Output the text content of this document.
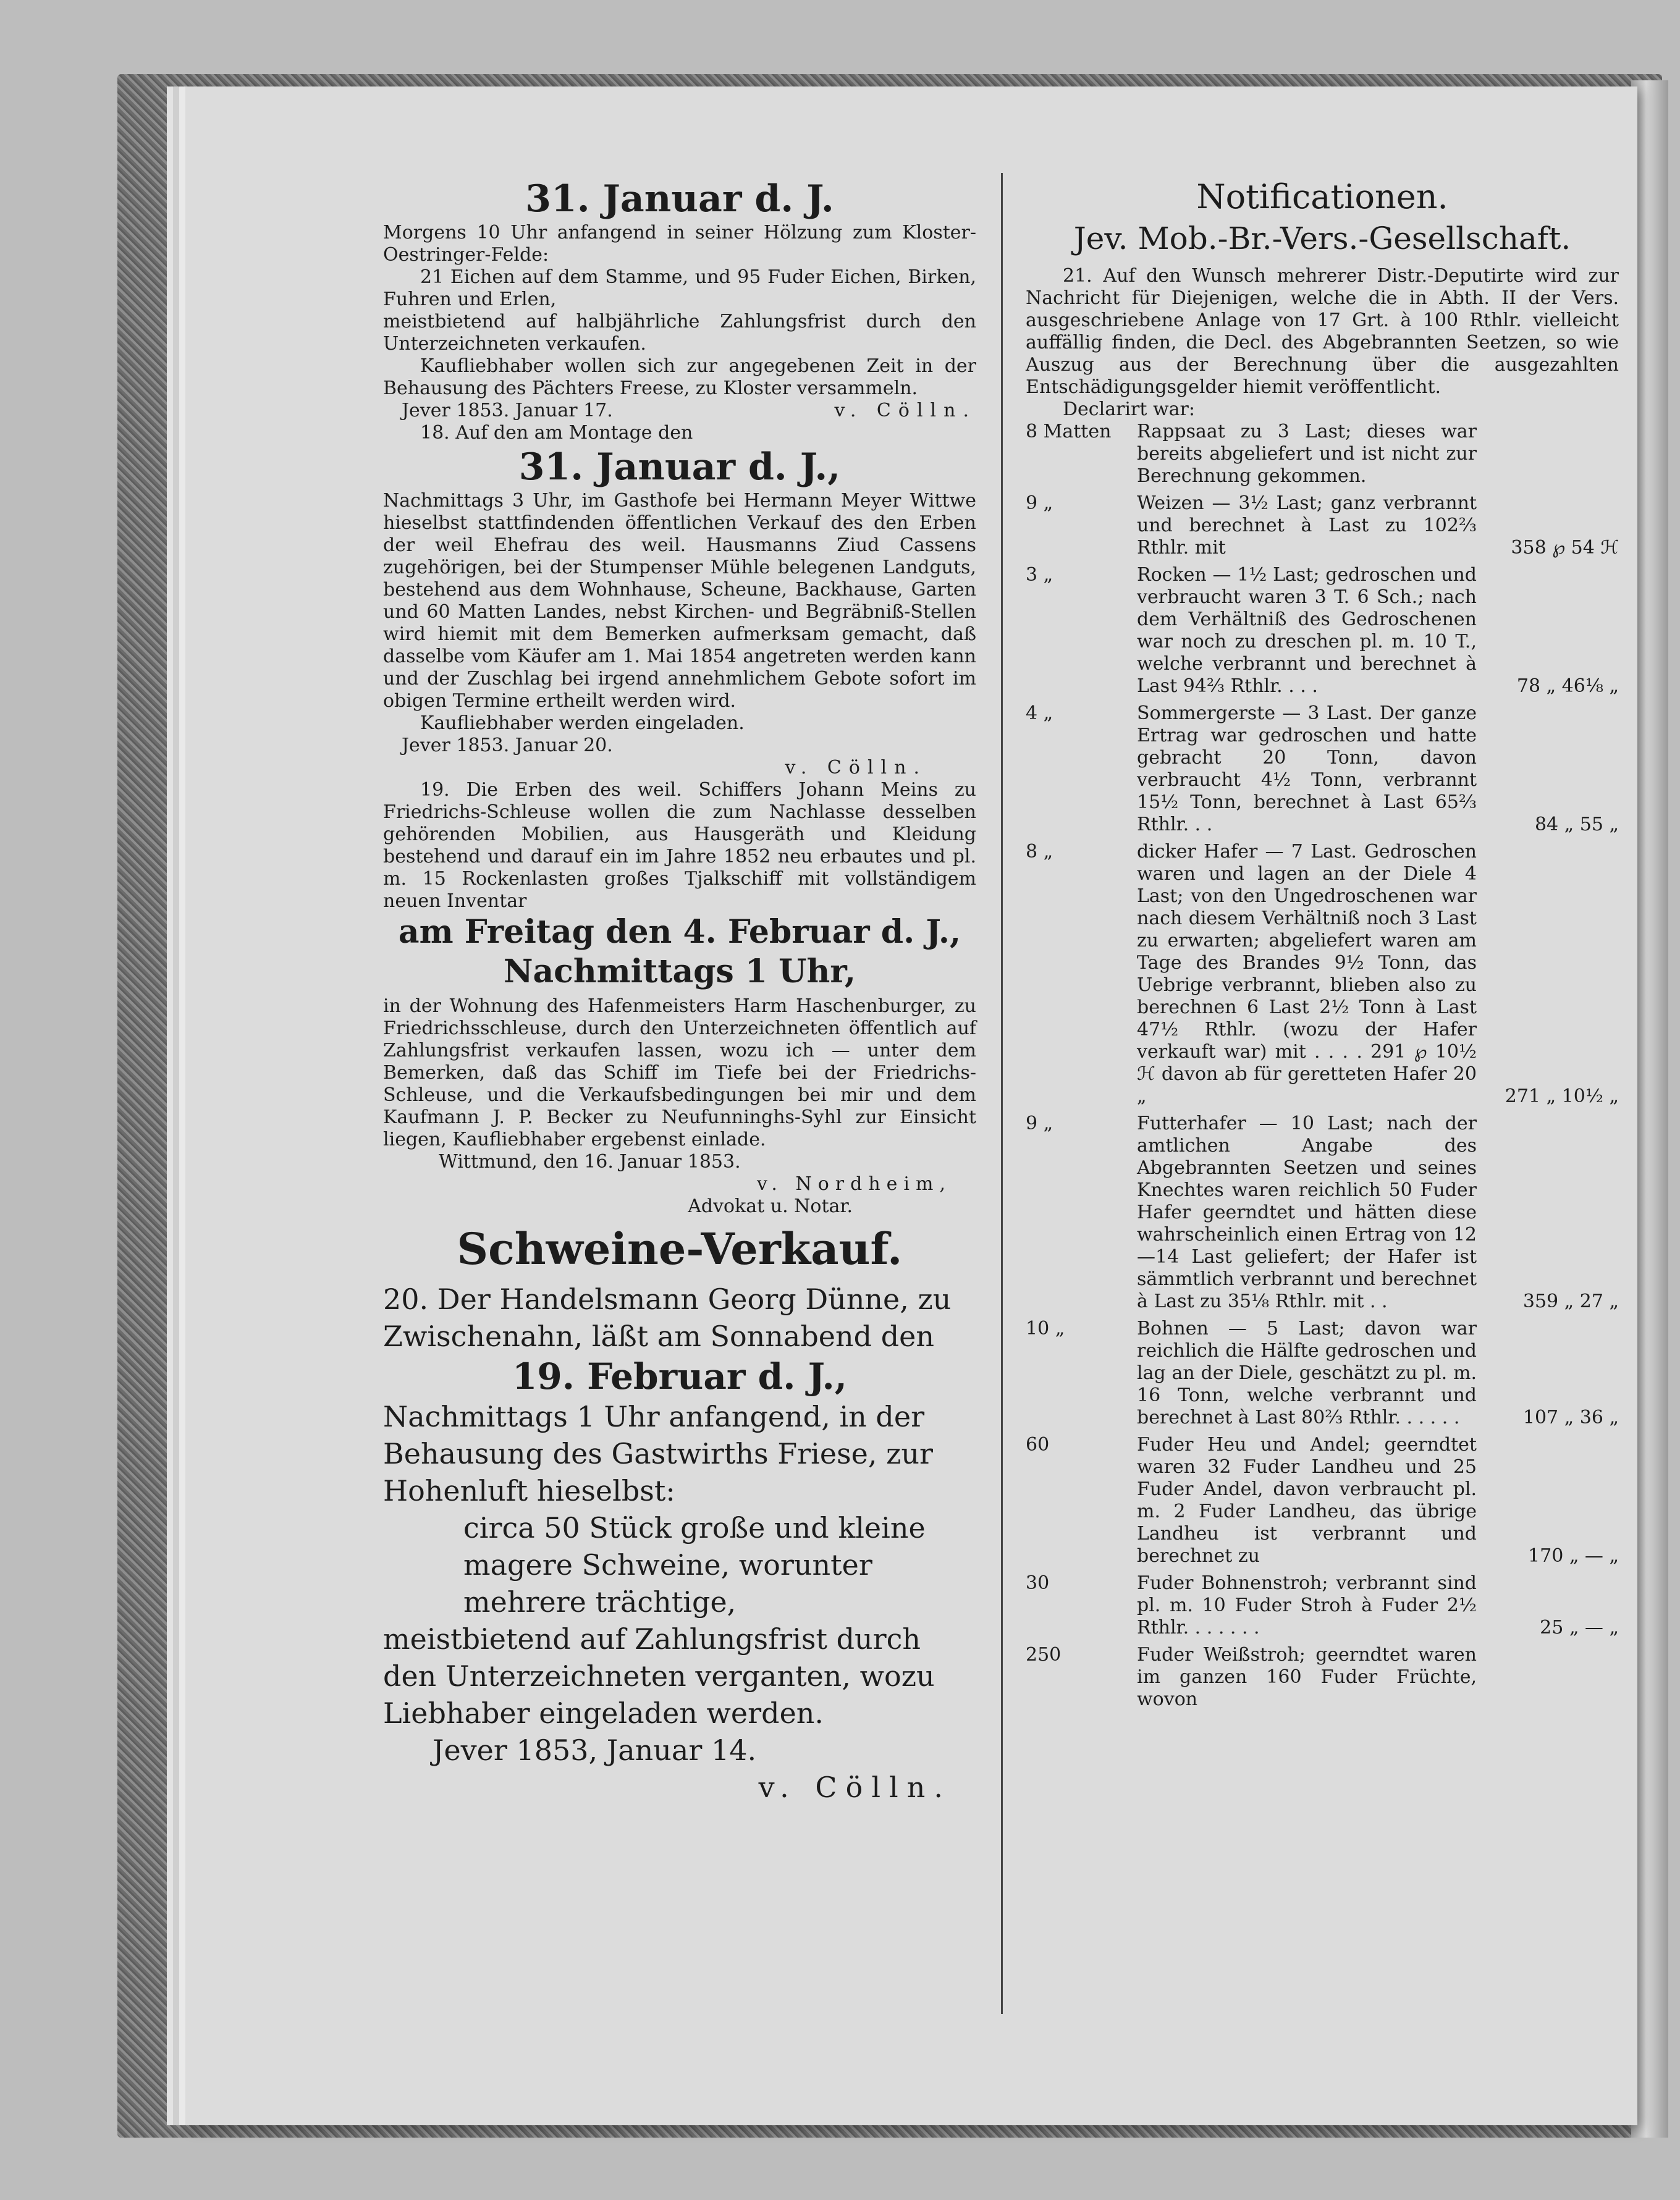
31. Januar d. J.

Morgens 10 Uhr anfangend in seiner Hölzung zum Kloster-Oestringer-Felde:

21 Eichen auf dem Stamme, und 95 Fuder Eichen, Birken, Fuhren und Erlen,

meistbietend auf halbjährliche Zahlungsfrist durch den Unterzeichneten verkaufen.

Kaufliebhaber wollen sich zur angegebenen Zeit in der Behausung des Pächters Freese, zu Kloster versammeln.

Jever 1853. Januar 17.	v. Cölln.

18. Auf den am Montage den

31. Januar d. J.,

Nachmittags 3 Uhr, im Gasthofe bei Hermann Meyer Wittwe hieselbst stattfindenden öffentlichen Verkauf des den Erben der weil Ehefrau des weil. Hausmanns Ziud Cassens zugehörigen, bei der Stumpenser Mühle belegenen Landguts, bestehend aus dem Wohnhause, Scheune, Backhause, Garten und 60 Matten Landes, nebst Kirchen- und Begräbniß-Stellen wird hiemit mit dem Bemerken aufmerksam gemacht, daß dasselbe vom Käufer am 1. Mai 1854 angetreten werden kann und der Zuschlag bei irgend annehmlichem Gebote sofort im obigen Termine ertheilt werden wird.

Kaufliebhaber werden eingeladen.

Jever 1853. Januar 20.

v. Cölln.

19. Die Erben des weil. Schiffers Johann Meins zu Friedrichs-Schleuse wollen die zum Nachlasse desselben gehörenden Mobilien, aus Hausgeräth und Kleidung bestehend und darauf ein im Jahre 1852 neu erbautes und pl. m. 15 Rockenlasten großes Tjalkschiff mit vollständigem neuen Inventar

am Freitag den 4. Februar d. J.,
Nachmittags 1 Uhr,

in der Wohnung des Hafenmeisters Harm Haschenburger, zu Friedrichsschleuse, durch den Unterzeichneten öffentlich auf Zahlungsfrist verkaufen lassen, wozu ich — unter dem Bemerken, daß das Schiff im Tiefe bei der Friedrichs-Schleuse, und die Verkaufsbedingungen bei mir und dem Kaufmann J. P. Becker zu Neufunninghs-Syhl zur Einsicht liegen, Kaufliebhaber ergebenst einlade.

Wittmund, den 16. Januar 1853.

v. Nordheim,

Advokat u. Notar.

Schweine-Verkauf.

20. Der Handelsmann Georg Dünne, zu Zwischenahn, läßt am Sonnabend den

19. Februar d. J.,

Nachmittags 1 Uhr anfangend, in der Behausung des Gastwirths Friese, zur Hohenluft hieselbst:

circa 50 Stück große und kleine magere Schweine, worunter mehrere trächtige,

meistbietend auf Zahlungsfrist durch den Unterzeichneten verganten, wozu Liebhaber eingeladen werden.

Jever 1853, Januar 14.

v. Cölln.

Notificationen.
Jev. Mob.-Br.-Vers.-Gesellschaft.

21. Auf den Wunsch mehrerer Distr.-Deputirte wird zur Nachricht für Diejenigen, welche die in Abth. II der Vers. ausgeschriebene Anlage von 17 Grt. à 100 Rthlr. vielleicht auffällig finden, die Decl. des Abgebrannten Seetzen, so wie Auszug aus der Berechnung über die ausgezahlten Entschädigungsgelder hiemit veröffentlicht.

Declarirt war:

8 Matten	Rappsaat zu 3 Last; dieses war bereits abgeliefert und ist nicht zur Berechnung gekommen.
9 „	Weizen — 3½ Last; ganz verbrannt und berechnet à Last zu 102⅔ Rthlr. mit	358 ℘ 54 ℋ
3 „	Rocken — 1½ Last; gedroschen und verbraucht waren 3 T. 6 Sch.; nach dem Verhältniß des Gedroschenen war noch zu dreschen pl. m. 10 T., welche verbrannt und berechnet à Last 94⅔ Rthlr. . . .	78 „ 46⅛ „
4 „	Sommergerste — 3 Last. Der ganze Ertrag war gedroschen und hatte gebracht 20 Tonn, davon verbraucht 4½ Tonn, verbrannt 15½ Tonn, berechnet à Last 65⅔ Rthlr. . .	84 „ 55 „
8 „	dicker Hafer — 7 Last. Gedroschen waren und lagen an der Diele 4 Last; von den Ungedroschenen war nach diesem Verhältniß noch 3 Last zu erwarten; abgeliefert waren am Tage des Brandes 9½ Tonn, das Uebrige verbrannt, blieben also zu berechnen 6 Last 2½ Tonn à Last 47½ Rthlr. (wozu der Hafer verkauft war) mit . . . . 291 ℘ 10½ ℋ davon ab für geretteten Hafer 20 „	271 „ 10½ „
9 „	Futterhafer — 10 Last; nach der amtlichen Angabe des Abgebrannten Seetzen und seines Knechtes waren reichlich 50 Fuder Hafer geerndtet und hätten diese wahrscheinlich einen Ertrag von 12—14 Last geliefert; der Hafer ist sämmtlich verbrannt und berechnet à Last zu 35⅛ Rthlr. mit . .	359 „ 27 „
10 „	Bohnen — 5 Last; davon war reichlich die Hälfte gedroschen und lag an der Diele, geschätzt zu pl. m. 16 Tonn, welche verbrannt und berechnet à Last 80⅔ Rthlr. . . . . .	107 „ 36 „
60	Fuder Heu und Andel; geerndtet waren 32 Fuder Landheu und 25 Fuder Andel, davon verbraucht pl. m. 2 Fuder Landheu, das übrige Landheu ist verbrannt und berechnet zu	170 „ — „
30	Fuder Bohnenstroh; verbrannt sind pl. m. 10 Fuder Stroh à Fuder 2½ Rthlr. . . . . . .	25 „ — „
250	Fuder Weißstroh; geerndtet waren im ganzen 160 Fuder Früchte, wovon
